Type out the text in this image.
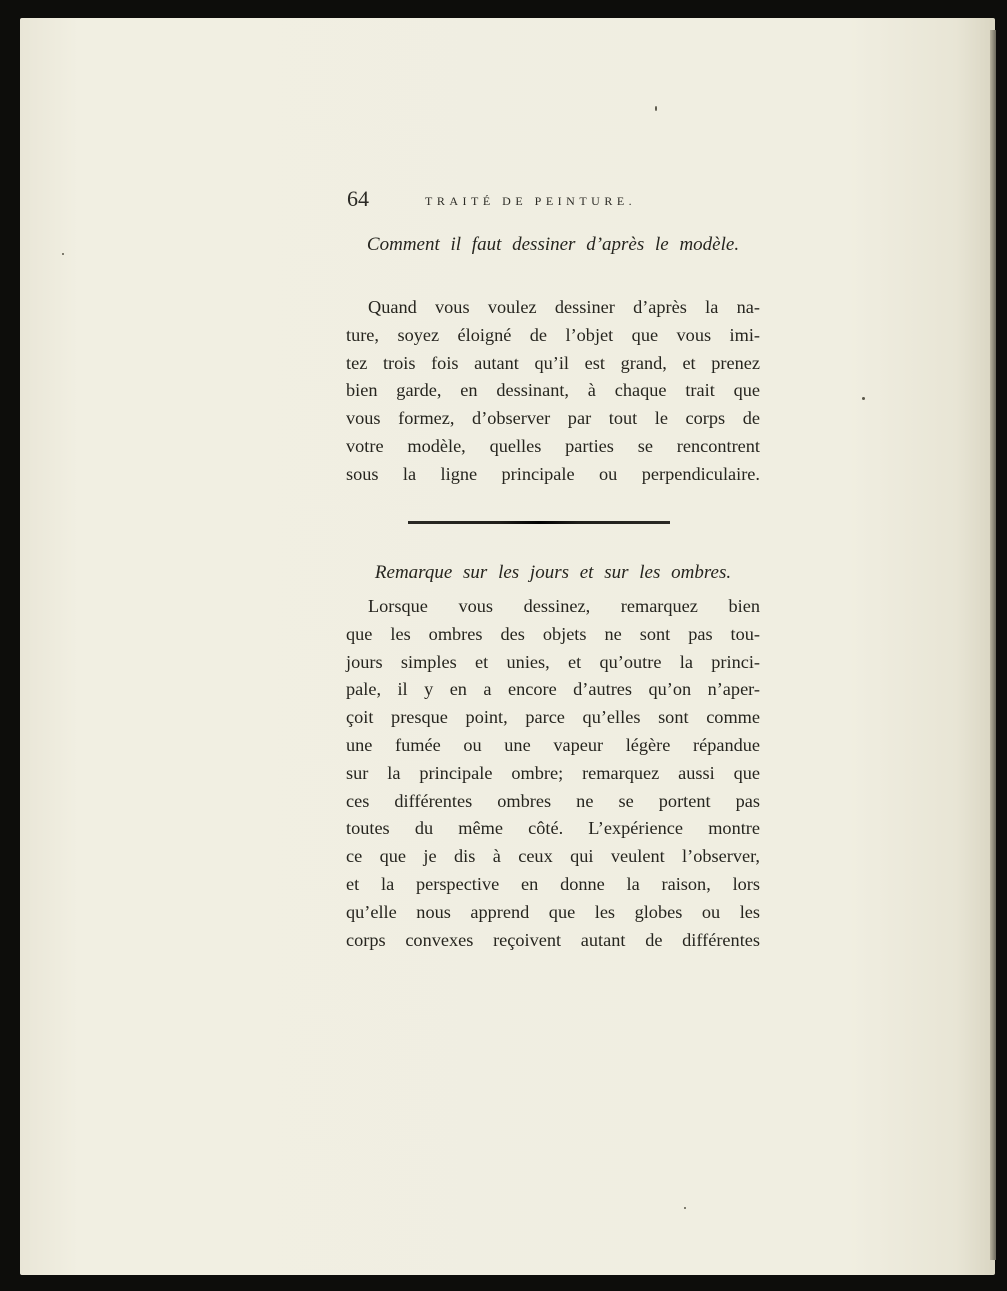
64	TRAITÉ DE PEINTURE.
Comment il faut dessiner d’après le modèle.
Quand vous voulez dessiner d’après la na-
ture, soyez éloigné de l’objet que vous imi-
tez trois fois autant qu’il est grand, et prenez
bien garde, en dessinant, à chaque trait que
vous formez, d’observer par tout le corps de
votre modèle, quelles parties se rencontrent
sous la ligne principale ou perpendiculaire.
Remarque sur les jours et sur les ombres.
Lorsque vous dessinez, remarquez bien
que les ombres des objets ne sont pas tou-
jours simples et unies, et qu’outre la princi-
pale, il y en a encore d’autres qu’on n’aper-
çoit presque point, parce qu’elles sont comme
une fumée ou une vapeur légère répandue
sur la principale ombre; remarquez aussi que
ces différentes ombres ne se portent pas
toutes du même côté. L’expérience montre
ce que je dis à ceux qui veulent l’observer,
et la perspective en donne la raison, lors
qu’elle nous apprend que les globes ou les
corps convexes reçoivent autant de différentes
